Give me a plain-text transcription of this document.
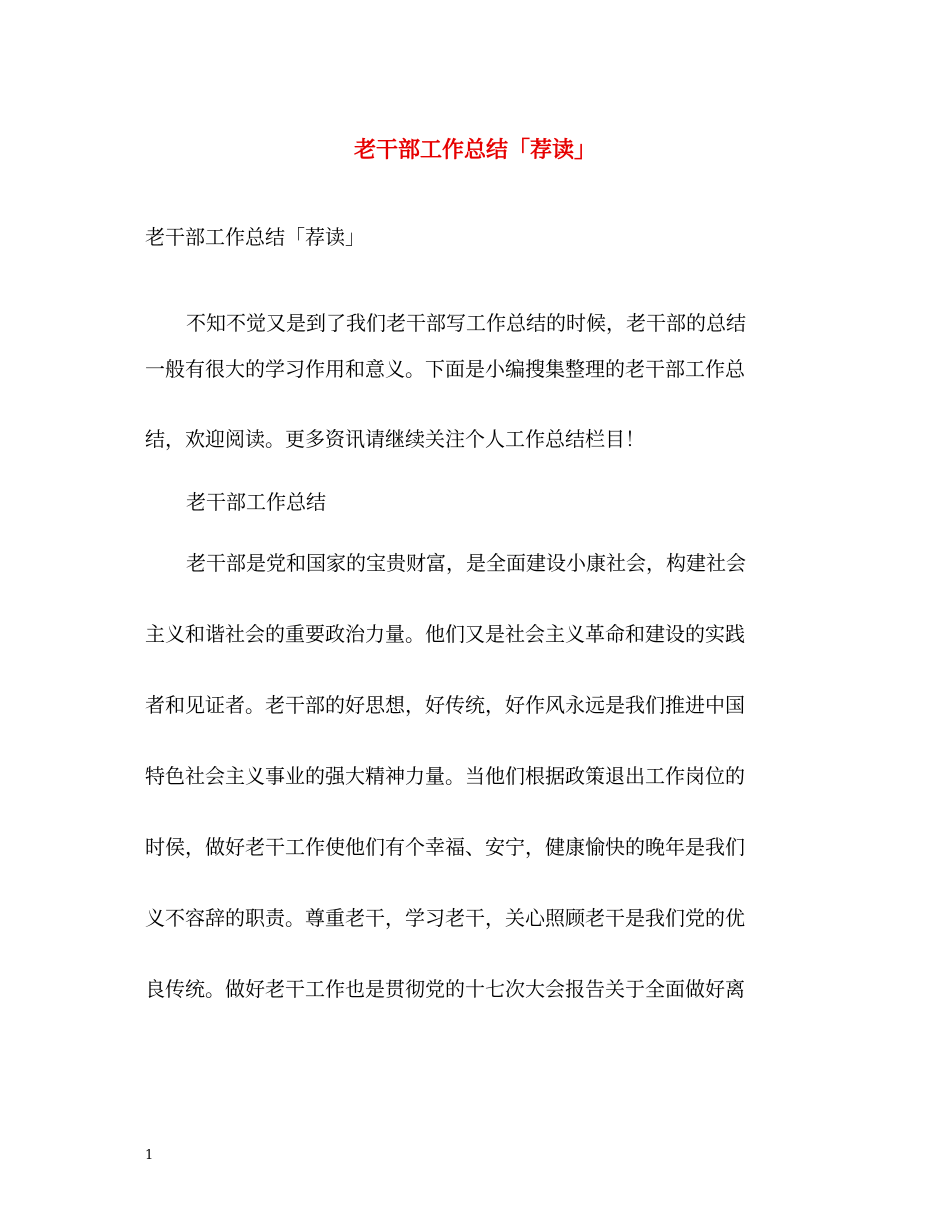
老干部工作总结「荐读」

老干部工作总结「荐读」

不知不觉又是到了我们老干部写工作总结的时候，老干部的总结

一般有很大的学习作用和意义。下面是小编搜集整理的老干部工作总

结，欢迎阅读。更多资讯请继续关注个人工作总结栏目！

老干部工作总结

老干部是党和国家的宝贵财富，是全面建设小康社会，构建社会

主义和谐社会的重要政治力量。他们又是社会主义革命和建设的实践

者和见证者。老干部的好思想，好传统，好作风永远是我们推进中国

特色社会主义事业的强大精神力量。当他们根据政策退出工作岗位的

时侯，做好老干工作使他们有个幸福、安宁，健康愉快的晚年是我们

义不容辞的职责。尊重老干，学习老干，关心照顾老干是我们党的优

良传统。做好老干工作也是贯彻党的十七次大会报告关于全面做好离

1
